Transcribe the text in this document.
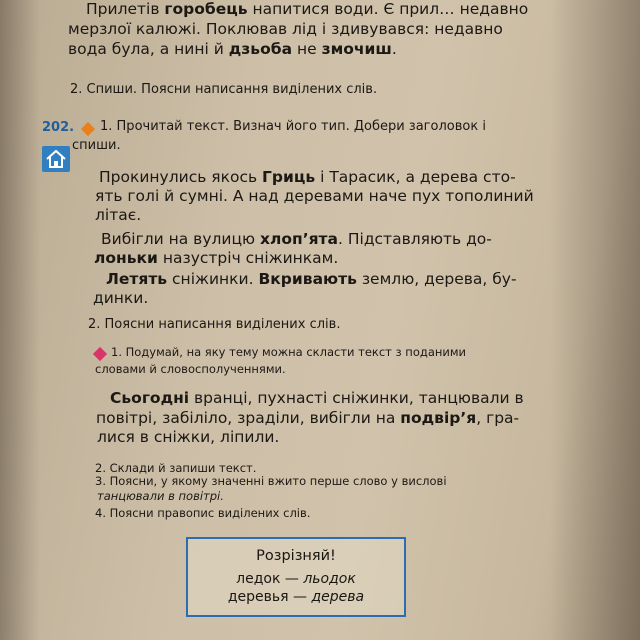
Прилетів горобець напитися води. Є прил… недавно
мерзлої калюжі. Поклював лід і здивувався: недавно
вода була, а нині й дзьоба не змочиш.
2. Спиши. Поясни написання виділених слів.
202. 1. Прочитай текст. Визнач його тип. Добери заголовок і
спиши.
Прокинулись якось Гриць і Тарасик, а дерева сто-
ять голі й сумні. А над деревами наче пух тополиний
літає.
Вибігли на вулицю хлоп’ята. Підставляють до-
лоньки назустріч сніжинкам.
Летять сніжинки. Вкривають землю, дерева, бу-
динки.
2. Поясни написання виділених слів.
1. Подумай, на яку тему можна скласти текст з поданими
словами й словосполученнями.
Сьогодні вранці, пухнасті сніжинки, танцювали в
повітрі, забіліло, зраділи, вибігли на подвір’я, гра-
лися в сніжки, ліпили.
2. Склади й запиши текст.
3. Поясни, у якому значенні вжито перше слово у вислові
танцювали в повітрі.
4. Поясни правопис виділених слів.
Розрізняй!
ледок — льодок
деревья — дерева
